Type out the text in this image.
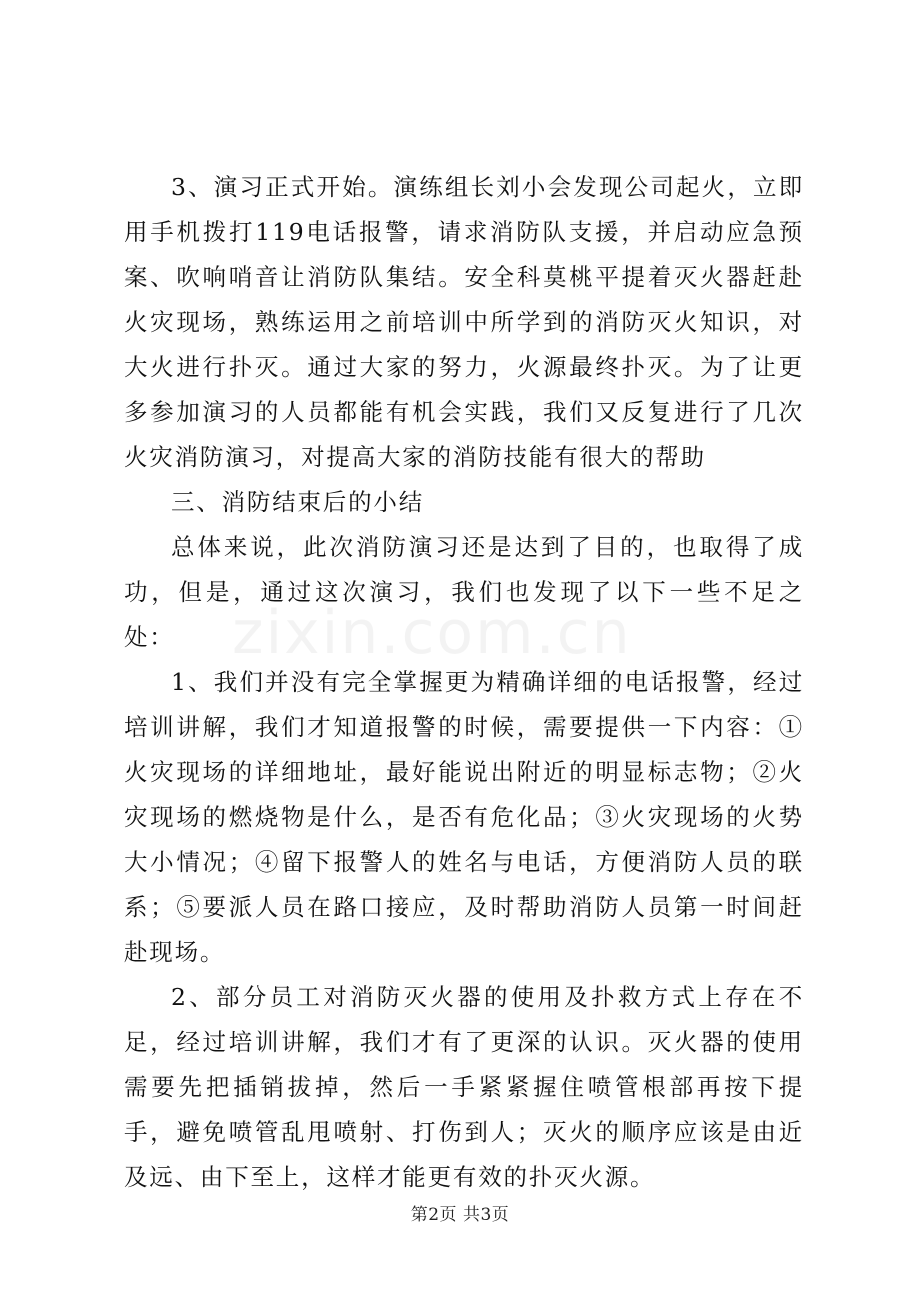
3、演习正式开始。演练组长刘小会发现公司起火，立即用手机拨打119电话报警，请求消防队支援，并启动应急预案、吹响哨音让消防队集结。安全科莫桃平提着灭火器赶赴火灾现场，熟练运用之前培训中所学到的消防灭火知识，对大火进行扑灭。通过大家的努力，火源最终扑灭。为了让更多参加演习的人员都能有机会实践，我们又反复进行了几次火灾消防演习，对提高大家的消防技能有很大的帮助

三、消防结束后的小结

总体来说，此次消防演习还是达到了目的，也取得了成功，但是，通过这次演习，我们也发现了以下一些不足之处：

1、我们并没有完全掌握更为精确详细的电话报警，经过培训讲解，我们才知道报警的时候，需要提供一下内容：①火灾现场的详细地址，最好能说出附近的明显标志物；②火灾现场的燃烧物是什么，是否有危化品；③火灾现场的火势大小情况；④留下报警人的姓名与电话，方便消防人员的联系；⑤要派人员在路口接应，及时帮助消防人员第一时间赶赴现场。

2、部分员工对消防灭火器的使用及扑救方式上存在不足，经过培训讲解，我们才有了更深的认识。灭火器的使用需要先把插销拔掉，然后一手紧紧握住喷管根部再按下提手，避免喷管乱甩喷射、打伤到人；灭火的顺序应该是由近及远、由下至上，这样才能更有效的扑灭火源。

第2页 共3页
